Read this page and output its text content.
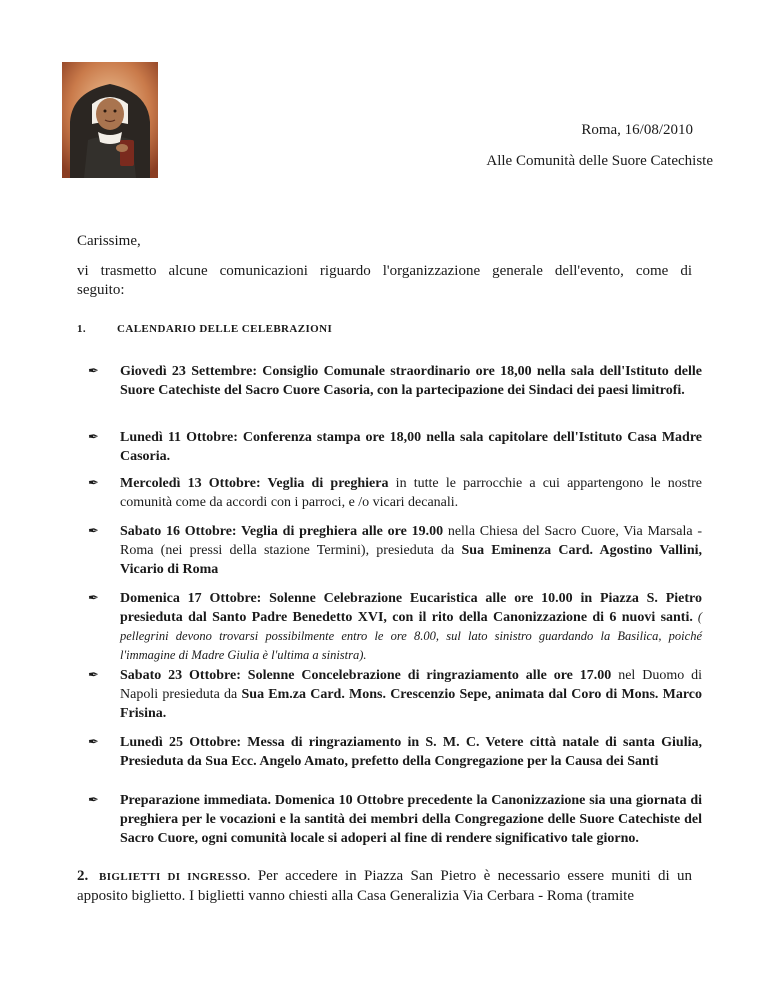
Roma, 16/08/2010
Alle Comunità delle Suore Catechiste
Carissime,
vi trasmetto alcune comunicazioni riguardo l'organizzazione generale dell'evento, come di
seguito:
1.	CALENDARIO DELLE CELEBRAZIONI
✒	Giovedì 23 Settembre: Consiglio Comunale straordinario ore 18,00 nella sala dell'Istituto delle Suore Catechiste del Sacro Cuore Casoria, con la partecipazione dei Sindaci dei paesi limitrofi.
✒	Lunedì 11 Ottobre: Conferenza stampa ore 18,00 nella sala capitolare dell'Istituto Casa Madre Casoria.
✒	Mercoledì 13 Ottobre: Veglia di preghiera in tutte le parrocchie a cui appartengono le nostre comunità come da accordi con i parroci, e /o vicari decanali.
✒	Sabato 16 Ottobre: Veglia di preghiera alle ore 19.00 nella Chiesa del Sacro Cuore, Via Marsala - Roma (nei pressi della stazione Termini), presieduta da Sua Eminenza Card. Agostino Vallini, Vicario di Roma
✒	Domenica 17 Ottobre: Solenne Celebrazione Eucaristica alle ore 10.00 in Piazza S. Pietro presieduta dal Santo Padre Benedetto XVI, con il rito della Canonizzazione di 6 nuovi santi. ( pellegrini devono trovarsi possibilmente entro le ore 8.00, sul lato sinistro guardando la Basilica, poiché l'immagine di Madre Giulia è l'ultima a sinistra).
✒	Sabato 23 Ottobre: Solenne Concelebrazione di ringraziamento alle ore 17.00 nel Duomo di Napoli presieduta da Sua Em.za Card. Mons. Crescenzio Sepe, animata dal Coro di Mons. Marco Frisina.
✒	Lunedì 25 Ottobre: Messa di ringraziamento in S. M. C. Vetere città natale di santa Giulia, Presieduta da Sua Ecc. Angelo Amato, prefetto della Congregazione per la Causa dei Santi
✒	Preparazione immediata. Domenica 10 Ottobre precedente la Canonizzazione sia una giornata di preghiera per le vocazioni e la santità dei membri della Congregazione delle Suore Catechiste del Sacro Cuore, ogni comunità locale si adoperi al fine di rendere significativo tale giorno.
2. BIGLIETTI DI INGRESSO. Per accedere in Piazza San Pietro è necessario essere muniti di un apposito biglietto. I biglietti vanno chiesti alla Casa Generalizia Via Cerbara - Roma (tramite
